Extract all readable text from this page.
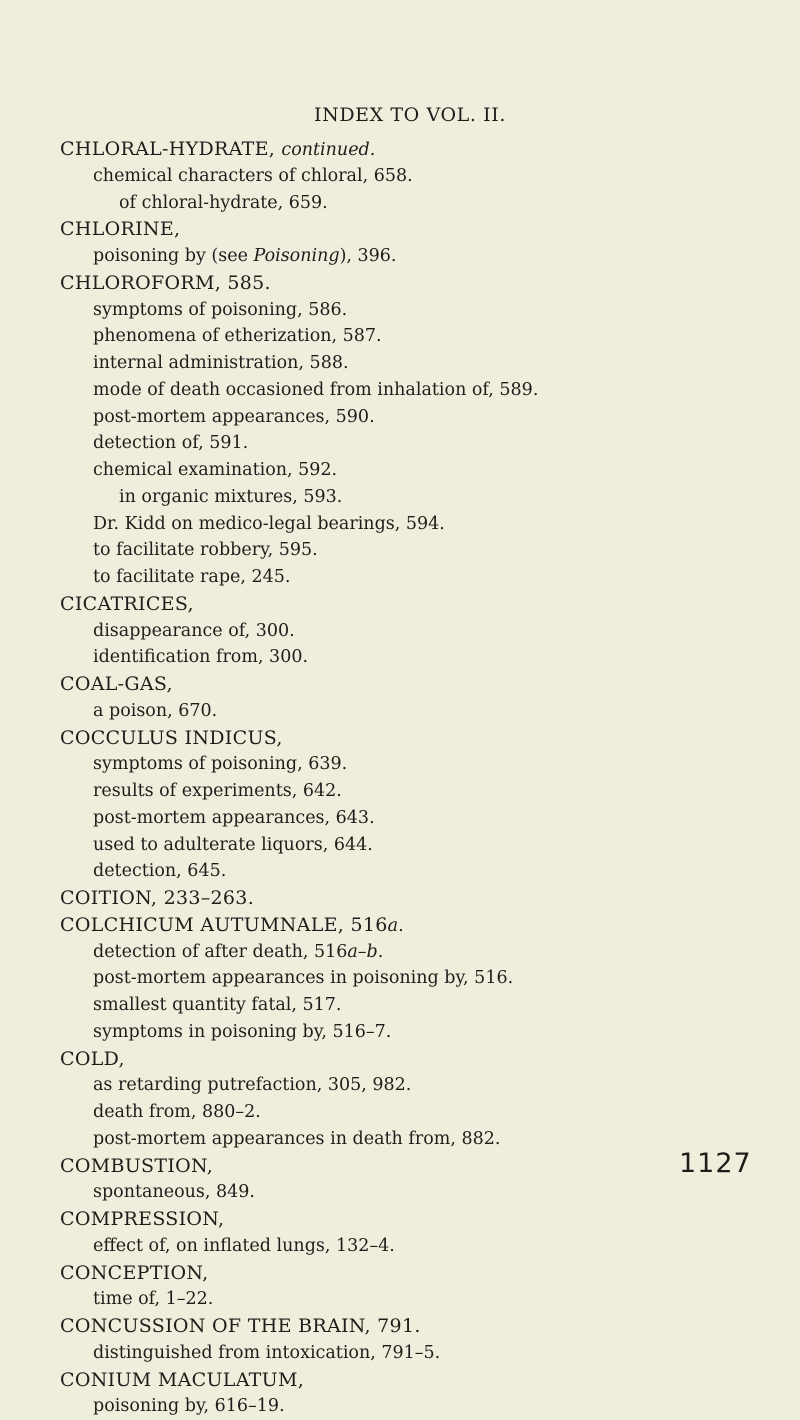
INDEX TO VOL. II.
CHLORAL-HYDRATE, continued.
chemical characters of chloral, 658.
of chloral-hydrate, 659.
CHLORINE,
poisoning by (see Poisoning), 396.
CHLOROFORM, 585.
symptoms of poisoning, 586.
phenomena of etherization, 587.
internal administration, 588.
mode of death occasioned from inhalation of, 589.
post-mortem appearances, 590.
detection of, 591.
chemical examination, 592.
in organic mixtures, 593.
Dr. Kidd on medico-legal bearings, 594.
to facilitate robbery, 595.
to facilitate rape, 245.
CICATRICES,
disappearance of, 300.
identification from, 300.
COAL-GAS,
a poison, 670.
COCCULUS INDICUS,
symptoms of poisoning, 639.
results of experiments, 642.
post-mortem appearances, 643.
used to adulterate liquors, 644.
detection, 645.
COITION, 233–263.
COLCHICUM AUTUMNALE, 516a.
detection of after death, 516a–b.
post-mortem appearances in poisoning by, 516.
smallest quantity fatal, 517.
symptoms in poisoning by, 516–7.
COLD,
as retarding putrefaction, 305, 982.
death from, 880–2.
post-mortem appearances in death from, 882.
COMBUSTION,
spontaneous, 849.
COMPRESSION,
effect of, on inflated lungs, 132–4.
CONCEPTION,
time of, 1–22.
CONCUSSION OF THE BRAIN, 791.
distinguished from intoxication, 791–5.
CONIUM MACULATUM,
poisoning by, 616–19.
1127
